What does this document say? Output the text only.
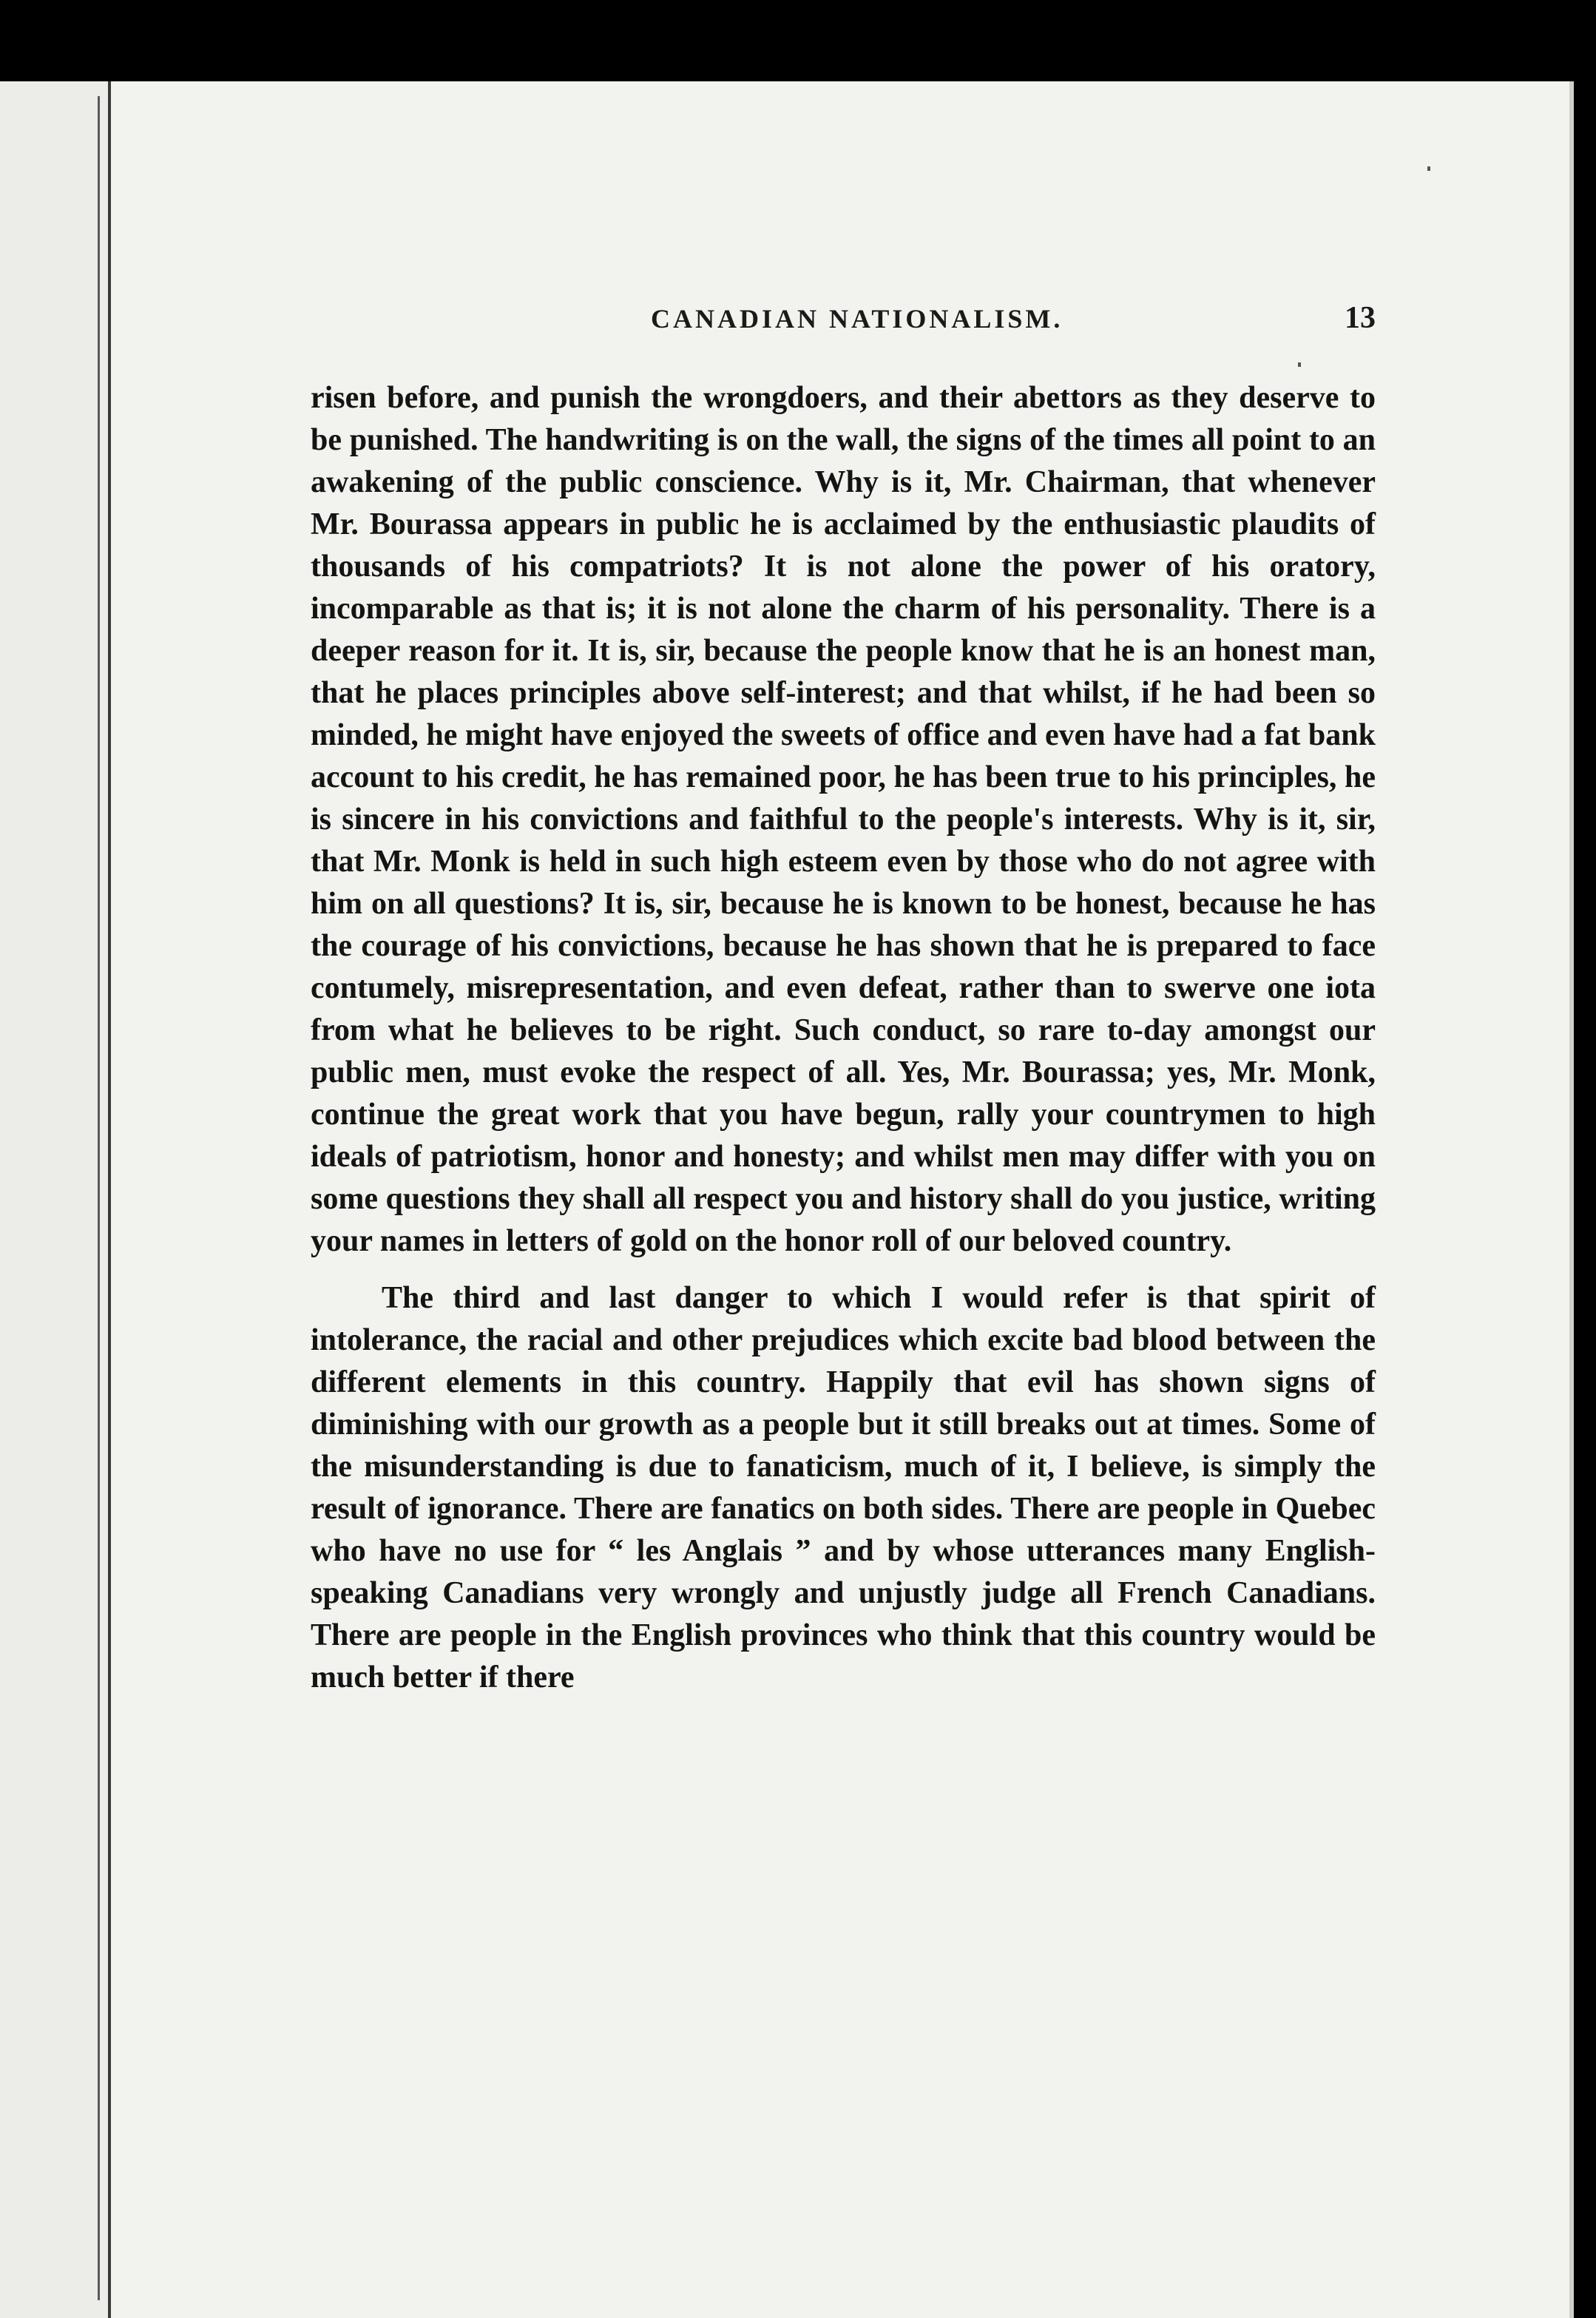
CANADIAN NATIONALISM.	13

risen before, and punish the wrongdoers, and their abettors as they deserve to be punished. The handwriting is on the wall, the signs of the times all point to an awakening of the public conscience. Why is it, Mr. Chairman, that whenever Mr. Bourassa appears in public he is acclaimed by the enthusiastic plaudits of thousands of his compatriots? It is not alone the power of his oratory, incomparable as that is; it is not alone the charm of his personality. There is a deeper reason for it. It is, sir, because the people know that he is an honest man, that he places principles above self-interest; and that whilst, if he had been so minded, he might have enjoyed the sweets of office and even have had a fat bank account to his credit, he has remained poor, he has been true to his principles, he is sincere in his convictions and faithful to the people's interests. Why is it, sir, that Mr. Monk is held in such high esteem even by those who do not agree with him on all questions? It is, sir, because he is known to be honest, because he has the courage of his convictions, because he has shown that he is prepared to face contumely, misrepresentation, and even defeat, rather than to swerve one iota from what he believes to be right. Such conduct, so rare to-day amongst our public men, must evoke the respect of all. Yes, Mr. Bourassa; yes, Mr. Monk, continue the great work that you have begun, rally your countrymen to high ideals of patriotism, honor and honesty; and whilst men may differ with you on some questions they shall all respect you and history shall do you justice, writing your names in letters of gold on the honor roll of our beloved country.

The third and last danger to which I would refer is that spirit of intolerance, the racial and other prejudices which excite bad blood between the different elements in this country. Happily that evil has shown signs of diminishing with our growth as a people but it still breaks out at times. Some of the misunderstanding is due to fanaticism, much of it, I believe, is simply the result of ignorance. There are fanatics on both sides. There are people in Quebec who have no use for “ les Anglais ” and by whose utterances many English-speaking Canadians very wrongly and unjustly judge all French Canadians. There are people in the English provinces who think that this country would be much better if there
